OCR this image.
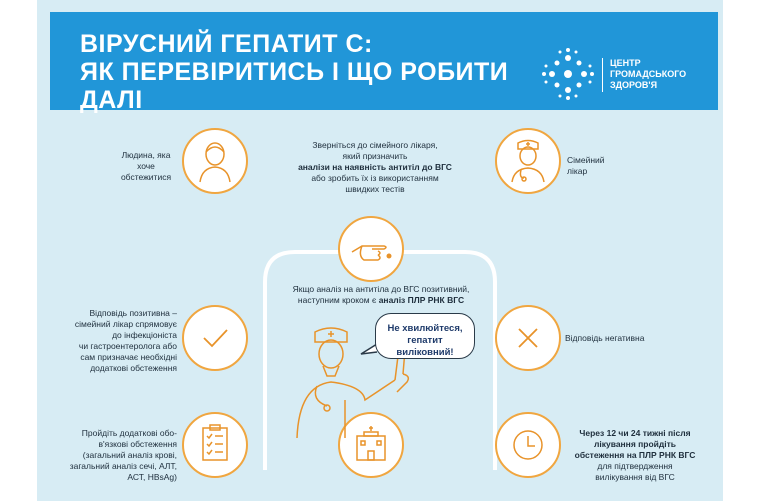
ВІРУСНИЙ ГЕПАТИТ С:
ЯК ПЕРЕВІРИТИСЬ І ЩО РОБИТИ
ДАЛІ
ЦЕНТР
ГРОМАДСЬКОГО
ЗДОРОВ'Я
Не хвилюйтеся,
гепатит
виліковний!
Людина, яка хоче обстежитися
Сімейний лікар
Зверніться до сімейного лікаря,
який призначить
аналізи на наявність антитіл до ВГС
або зробить їх із використанням
швидких тестів
Якщо аналіз на антитіла до ВГС позитивний,
наступним кроком є аналіз ПЛР РНК ВГС
Відповідь позитивна –
сімейний лікар спрямовує
до інфекціоніста
чи гастроентеролога або
сам призначає необхідні
додаткові обстеження
Відповідь негативна
Пройдіть додаткові обо-
в'язкові обстеження
(загальний аналіз крові,
загальний аналіз сечі, АЛТ,
АСТ, HBsAg)
Через 12 чи 24 тижні після
лікування пройдіть
обстеження на ПЛР РНК ВГС
для підтвердження
вилікування від ВГС
